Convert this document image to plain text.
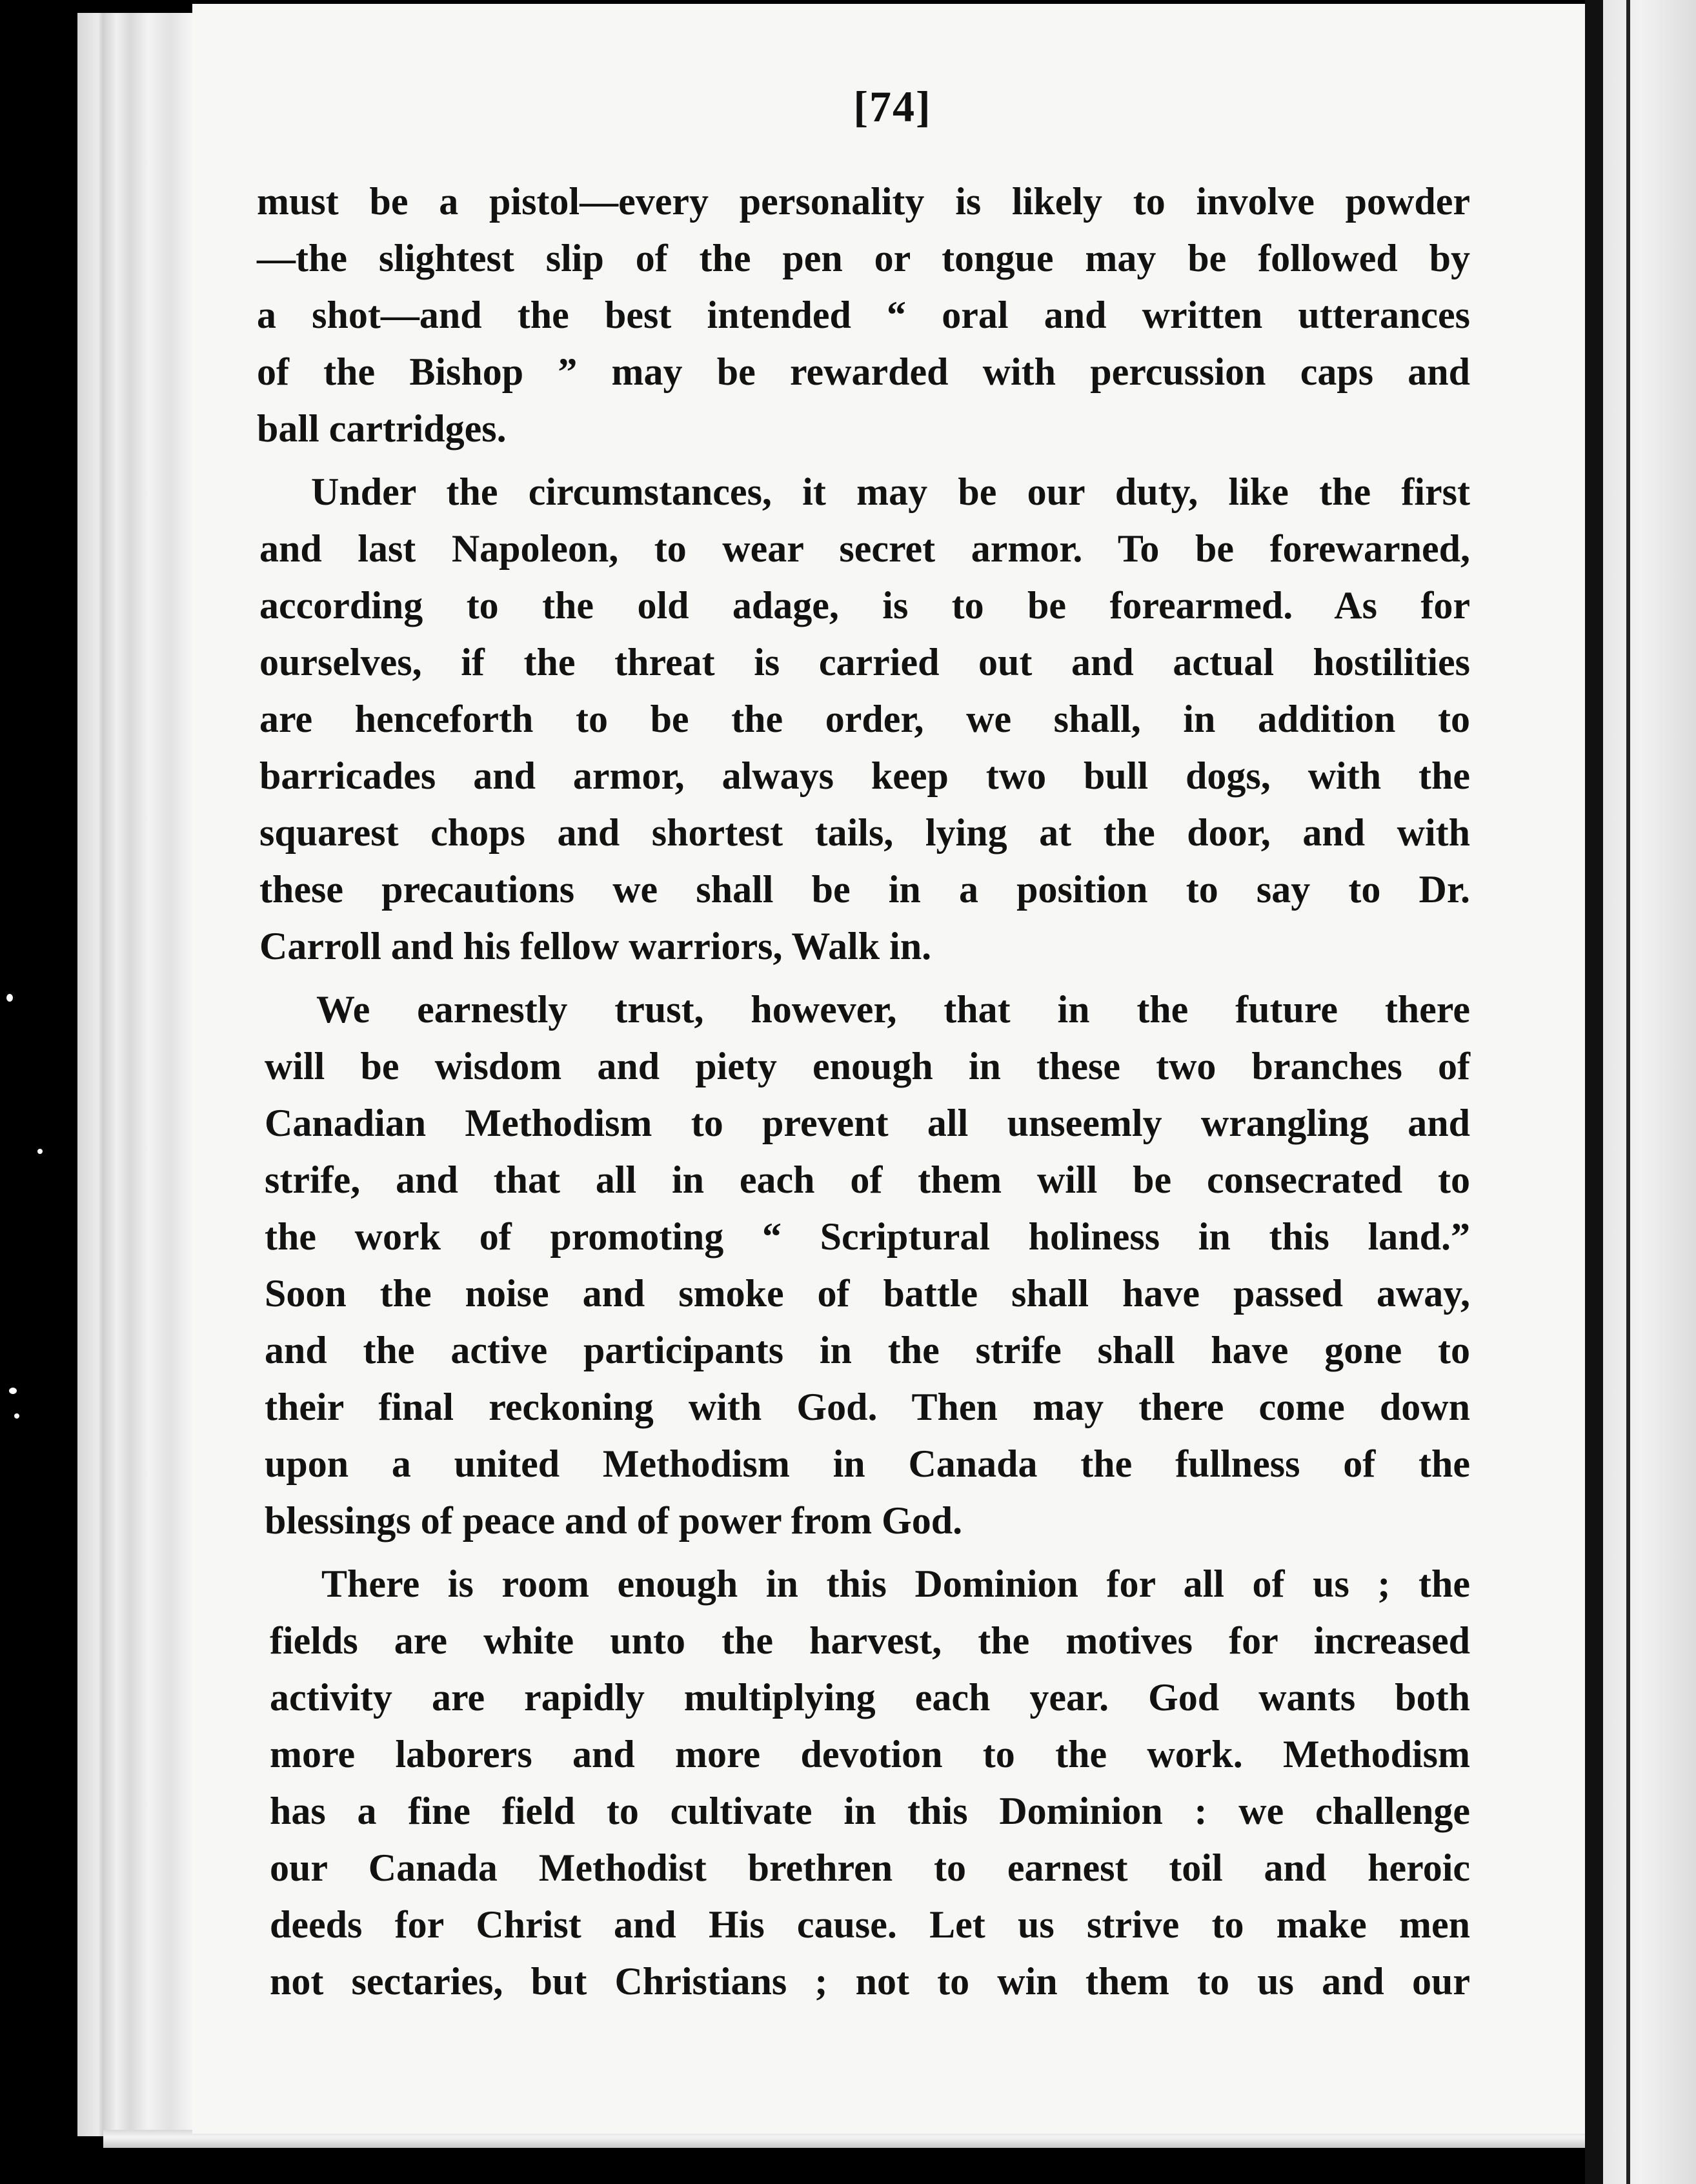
[74]
must be a pistol—every personality is likely to involve powder
—the slightest slip of the pen or tongue may be followed by
a shot—and the best intended “ oral and written utterances
of the Bishop ” may be rewarded with percussion caps and
ball cartridges.
Under the circumstances, it may be our duty, like the first
and last Napoleon, to wear secret armor. To be forewarned,
according to the old adage, is to be forearmed. As for
ourselves, if the threat is carried out and actual hostilities
are henceforth to be the order, we shall, in addition to
barricades and armor, always keep two bull dogs, with the
squarest chops and shortest tails, lying at the door, and with
these precautions we shall be in a position to say to Dr.
Carroll and his fellow warriors, Walk in.
We earnestly trust, however, that in the future there
will be wisdom and piety enough in these two branches of
Canadian Methodism to prevent all unseemly wrangling and
strife, and that all in each of them will be consecrated to
the work of promoting “ Scriptural holiness in this land.”
Soon the noise and smoke of battle shall have passed away,
and the active participants in the strife shall have gone to
their final reckoning with God. Then may there come down
upon a united Methodism in Canada the fullness of the
blessings of peace and of power from God.
There is room enough in this Dominion for all of us ; the
fields are white unto the harvest, the motives for increased
activity are rapidly multiplying each year. God wants both
more laborers and more devotion to the work. Methodism
has a fine field to cultivate in this Dominion : we challenge
our Canada Methodist brethren to earnest toil and heroic
deeds for Christ and His cause. Let us strive to make men
not sectaries, but Christians ; not to win them to us and our
